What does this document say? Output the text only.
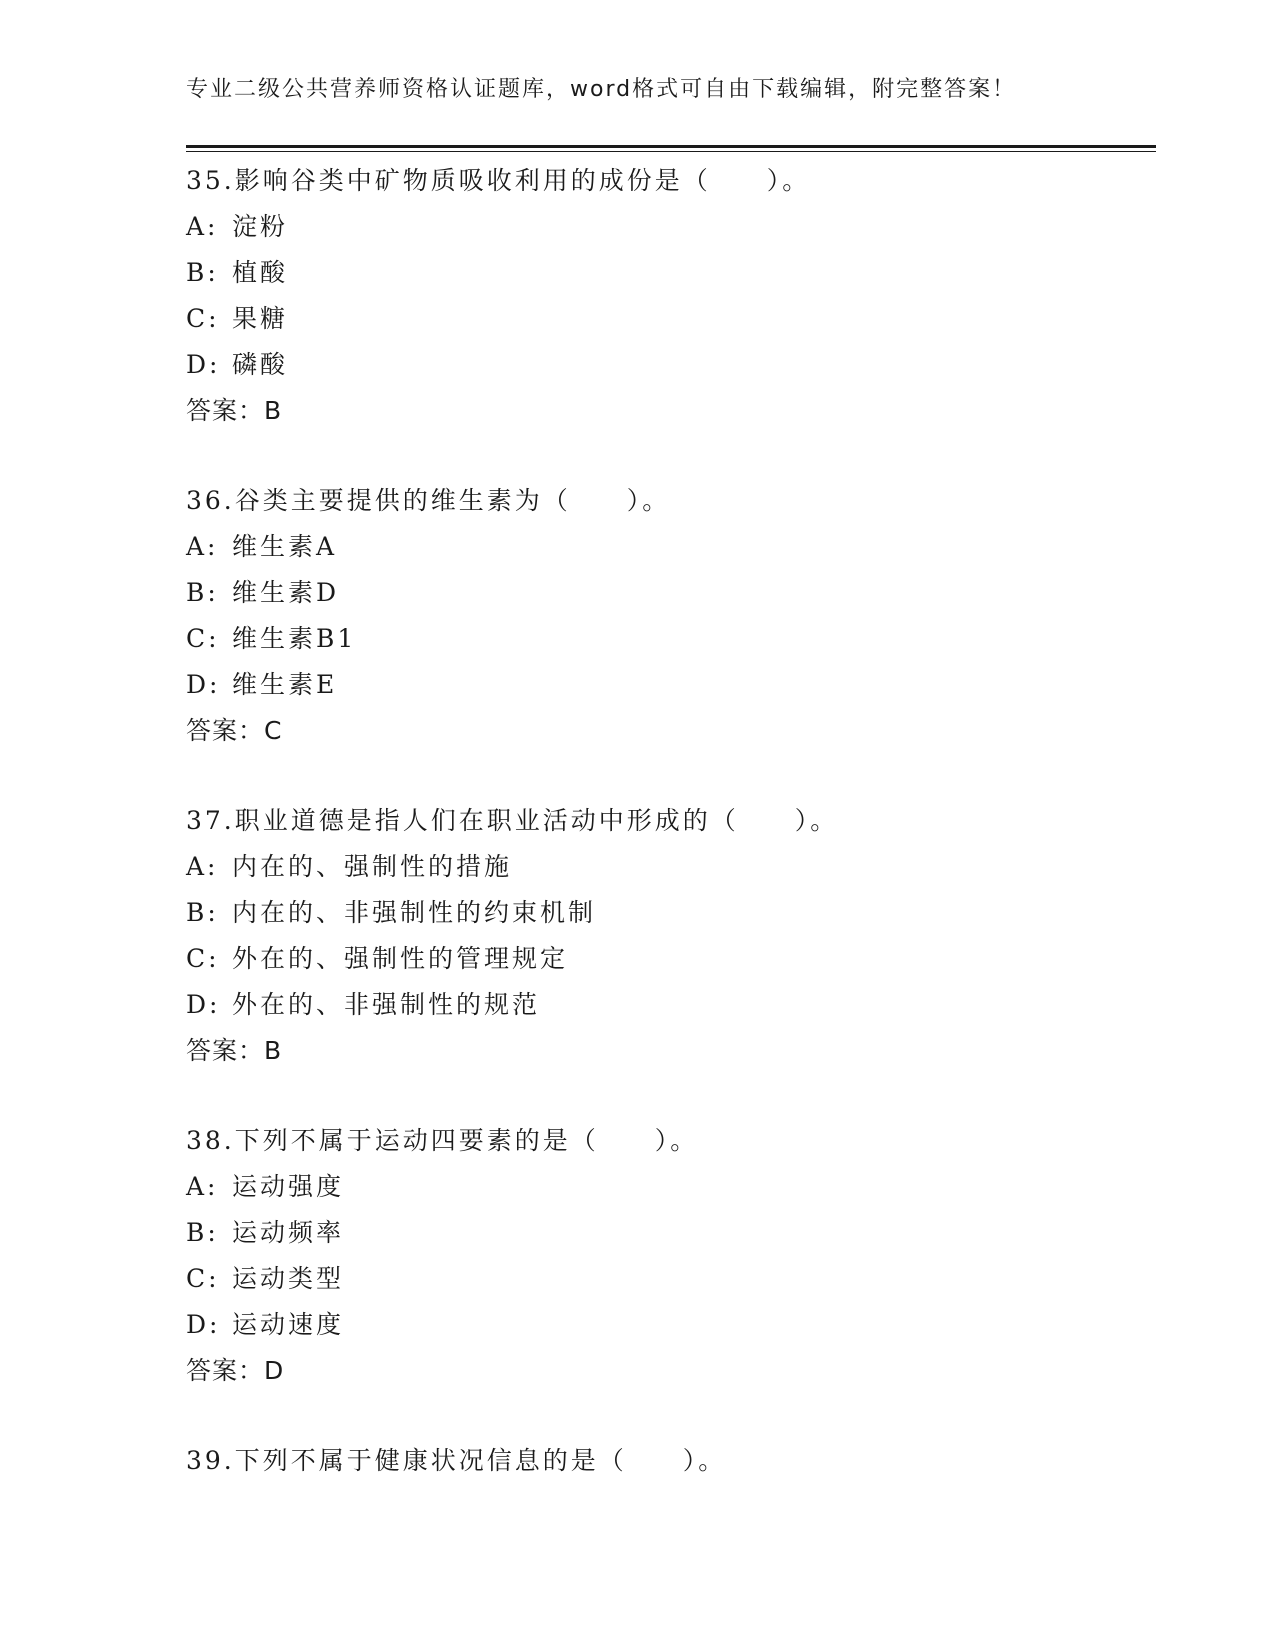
专业二级公共营养师资格认证题库，word格式可自由下载编辑，附完整答案！
35.影响谷类中矿物质吸收利用的成份是（　　）。
A: 淀粉
B: 植酸
C: 果糖
D: 磷酸
答案：B
36.谷类主要提供的维生素为（　　）。
A: 维生素A
B: 维生素D
C: 维生素B1
D: 维生素E
答案：C
37.职业道德是指人们在职业活动中形成的（　　）。
A: 内在的、强制性的措施
B: 内在的、非强制性的约束机制
C: 外在的、强制性的管理规定
D: 外在的、非强制性的规范
答案：B
38.下列不属于运动四要素的是（　　）。
A: 运动强度
B: 运动频率
C: 运动类型
D: 运动速度
答案：D
39.下列不属于健康状况信息的是（　　）。
